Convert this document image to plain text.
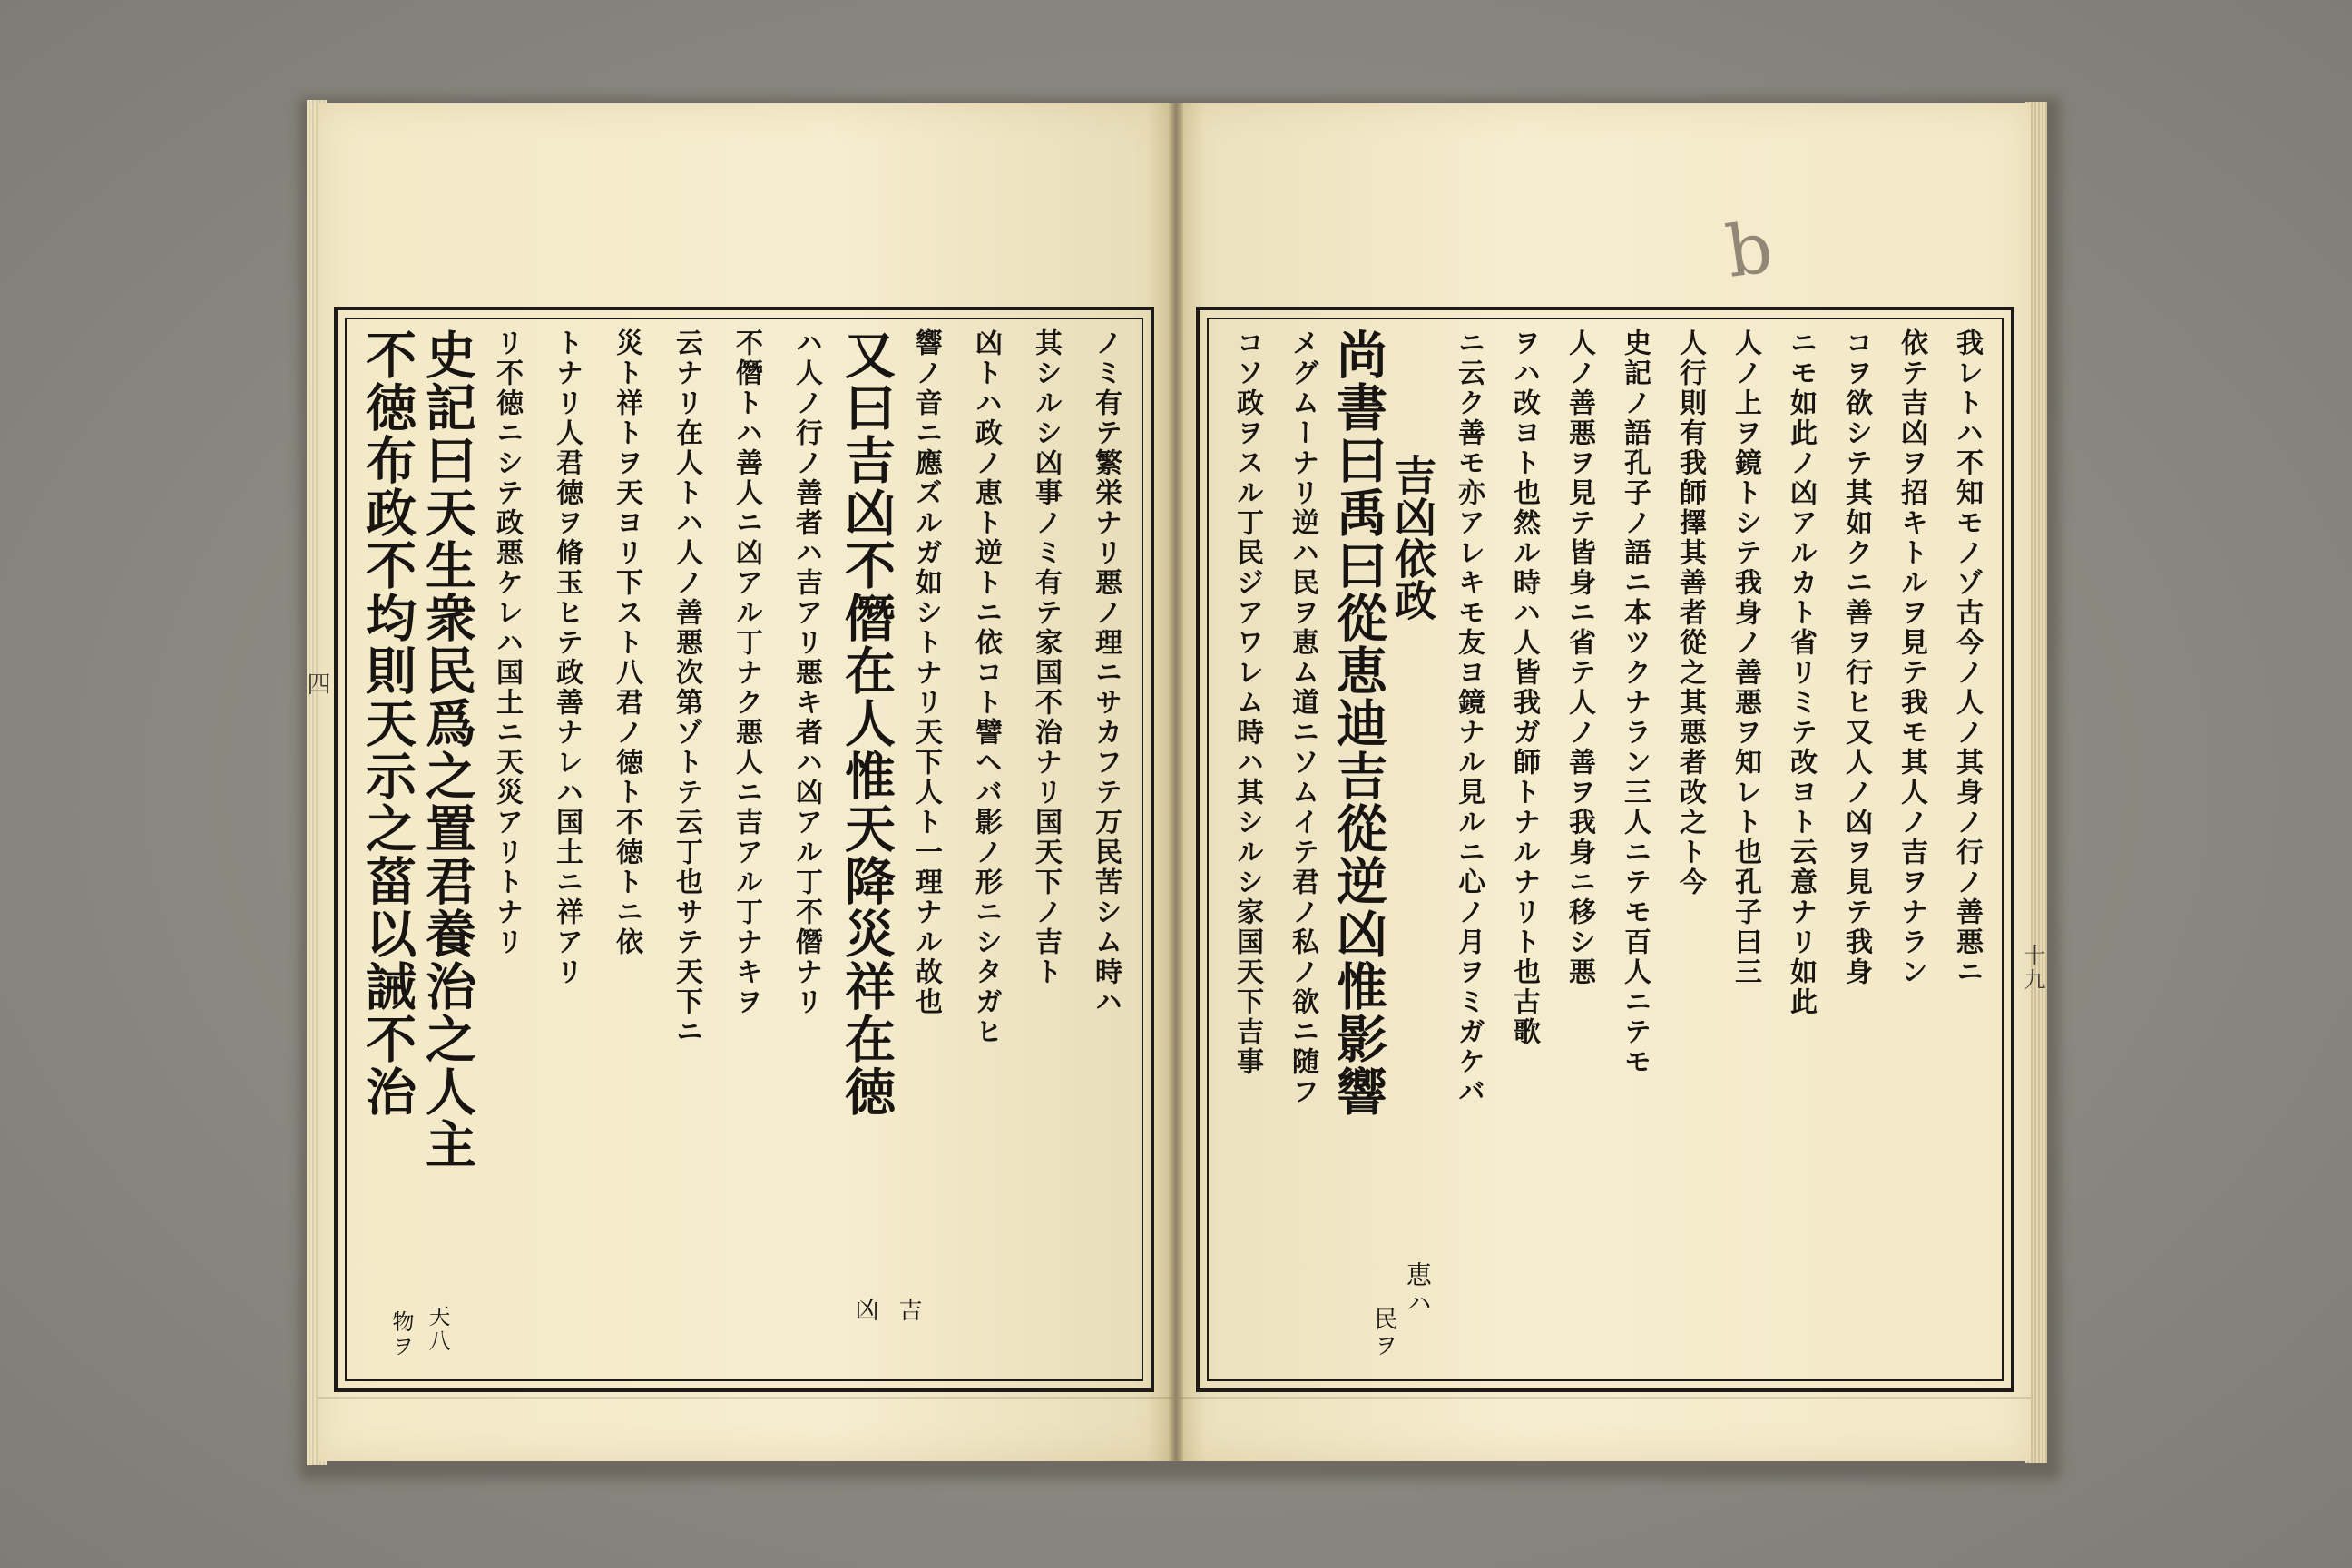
b
ノミ有テ繁栄ナリ悪ノ理ニサカフテ万民苦シム時ハ
其シルシ凶事ノミ有テ家国不治ナリ国天下ノ吉ト
凶トハ政ノ恵ト逆トニ依コト譬ヘバ影ノ形ニシタガヒ
響ノ音ニ應ズルガ如シトナリ天下人ト一理ナル故也
又曰吉凶不僭在人惟天降災祥在徳
ハ人ノ行ノ善者ハ吉アリ悪キ者ハ凶アル丁不僭ナリ
不僭トハ善人ニ凶アル丁ナク悪人ニ吉アル丁ナキヲ
云ナリ在人トハ人ノ善悪次第ゾトテ云丁也サテ天下ニ
災ト祥トヲ天ヨリ下スト八君ノ徳ト不徳トニ依
トナリ人君徳ヲ脩玉ヒテ政善ナレハ国土ニ祥アリ
リ不徳ニシテ政悪ケレハ国土ニ天災アリトナリ
史記曰天生衆民爲之置君養治之人主
不徳布政不均則天示之菑以誡不治	我レトハ不知モノゾ古今ノ人ノ其身ノ行ノ善悪ニ
依テ吉凶ヲ招キトルヲ見テ我モ其人ノ吉ヲナラン
コヲ欲シテ其如クニ善ヲ行ヒ又人ノ凶ヲ見テ我身
ニモ如此ノ凶アルカト省リミテ改ヨト云意ナリ如此
人ノ上ヲ鏡トシテ我身ノ善悪ヲ知レト也孔子曰三
人行則有我師擇其善者從之其悪者改之ト今
史記ノ語孔子ノ語ニ本ツクナラン三人ニテモ百人ニテモ
人ノ善悪ヲ見テ皆身ニ省テ人ノ善ヲ我身ニ移シ悪
ヲハ改ヨト也然ル時ハ人皆我ガ師トナルナリト也古歌
ニ云ク善モ亦アレキモ友ヨ鏡ナル見ルニ心ノ月ヲミガケバ
吉凶依政
尚書曰禹曰從恵迪吉從逆凶惟影響
メグムーナリ逆ハ民ヲ恵ム道ニソムイテ君ノ私ノ欲ニ随フ
コソ政ヲスル丁民ジアワレム時ハ其シルシ家国天下吉事
吉
凶
天八
物ヲ
恵ハ
民ヲ
四
十九
